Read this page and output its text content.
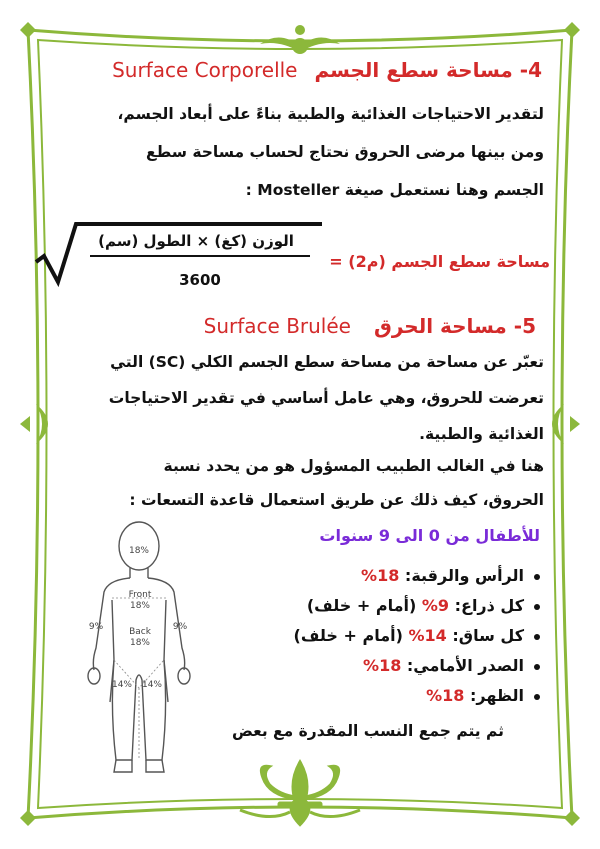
4- مساحة سطع الجسم Surface Corporelle
لتقدير الاحتياجات الغذائية والطبية بناءً على أبعاد الجسم،
ومن بينها مرضى الحروق نحتاج لحساب مساحة سطع
الجسم وهنا نستعمل صيغة Mosteller :
مساحة سطع الجسم (م2) =
الوزن (كغ) × الطول (سم)
3600
5- مساحة الحرق Surface Brulée
تعبّر عن مساحة من مساحة سطع الجسم الكلي (SC) التي
تعرضت للحروق، وهي عامل أساسي في تقدير الاحتياجات
الغذائية والطبية.
هنا في الغالب الطبيب المسؤول هو من يحدد نسبة
الحروق، كيف ذلك عن طريق استعمال قاعدة التسعات :
للأطفال من 0 الى 9 سنوات
الرأس والرقبة: 18%
كل ذراع: 9% (أمام + خلف)
كل ساق: 14% (أمام + خلف)
الصدر الأمامي: 18%
الظهر: 18%
ثم يتم جمع النسب المقدرة مع بعض
18%
Front
18%
Back
18%
9%	9%
14% 14%
